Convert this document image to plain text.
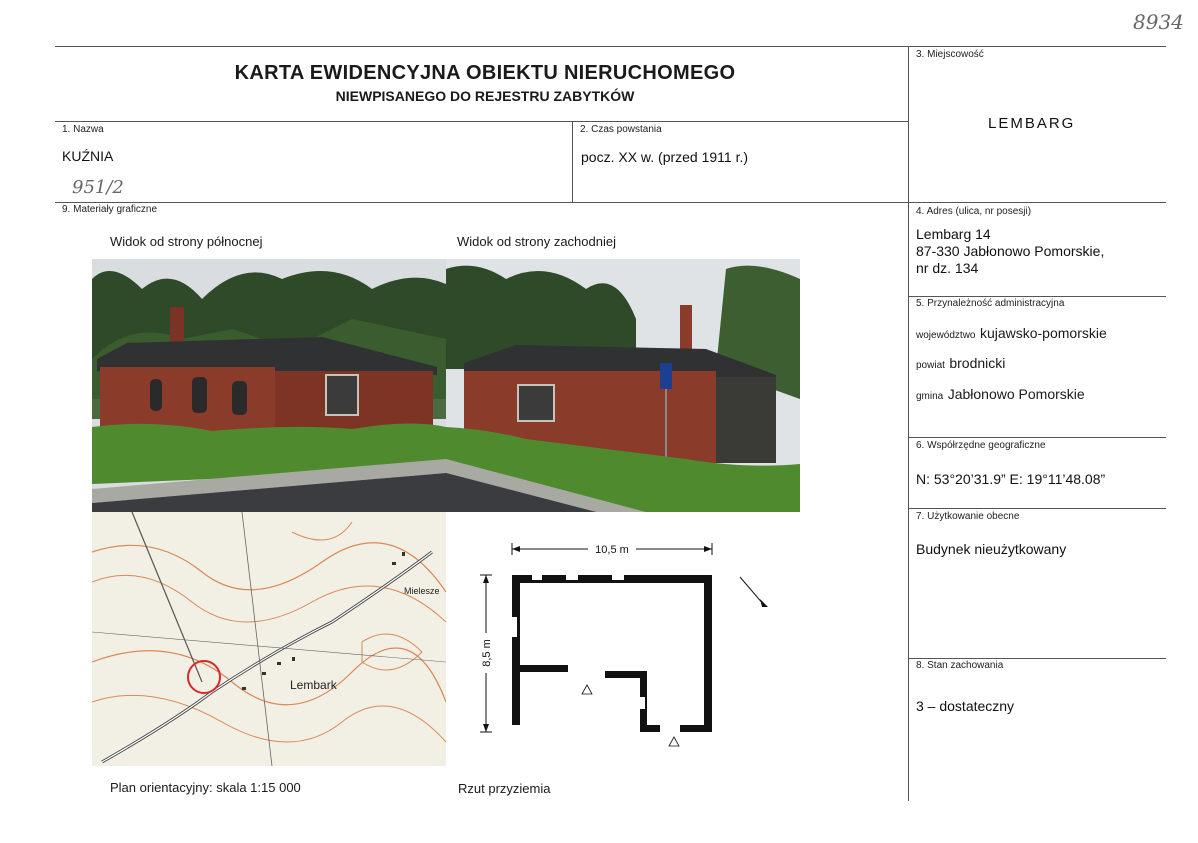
8934
KARTA EWIDENCYJNA OBIEKTU NIERUCHOMEGO
NIEWPISANEGO DO REJESTRU ZABYTKÓW
1. Nazwa
KUŹNIA
951/2
2. Czas powstania
pocz. XX w. (przed 1911 r.)
3. Miejscowość
LEMBARG
4. Adres (ulica, nr posesji)
Lembarg 14
87-330 Jabłonowo Pomorskie,
nr dz. 134
5. Przynależność administracyjna
województwo kujawsko-pomorskie
powiat brodnicki
gmina Jabłonowo Pomorskie
6. Współrzędne geograficzne
N: 53°20’31.9” E: 19°11’48.08”
7. Użytkowanie obecne
Budynek nieużytkowany
8. Stan zachowania
3 – dostateczny
9. Materiały graficzne
Widok od strony północnej	Widok od strony zachodniej
Lembark
Mielesze
10,5 m
8,5 m
Plan orientacyjny: skala 1:15 000	Rzut przyziemia
